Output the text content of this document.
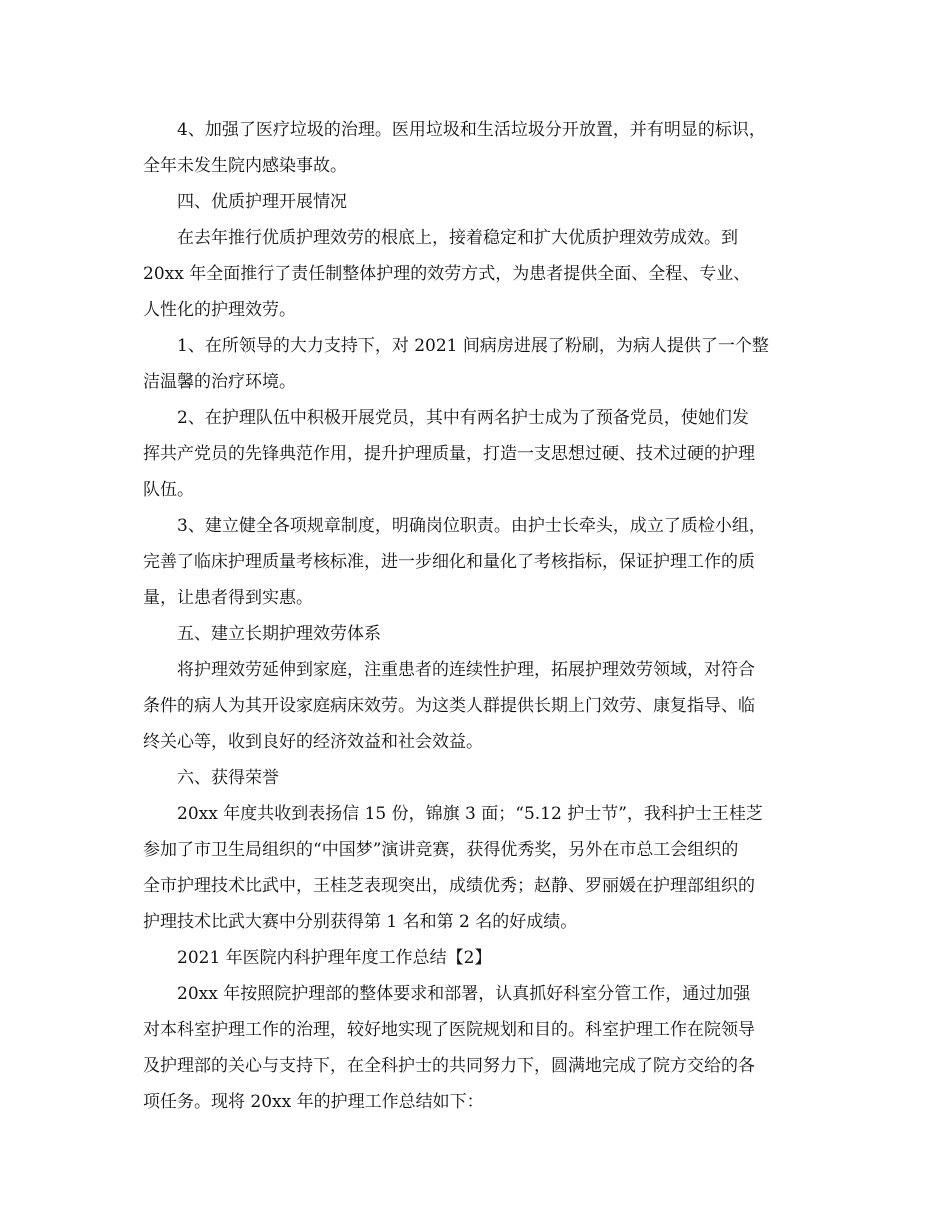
4、加强了医疗垃圾的治理。医用垃圾和生活垃圾分开放置，并有明显的标识，
全年未发生院内感染事故。
四、优质护理开展情况
在去年推行优质护理效劳的根底上，接着稳定和扩大优质护理效劳成效。到
20xx 年全面推行了责任制整体护理的效劳方式，为患者提供全面、全程、专业、
人性化的护理效劳。
1、在所领导的大力支持下，对 2021 间病房进展了粉刷，为病人提供了一个整
洁温馨的治疗环境。
2、在护理队伍中积极开展党员，其中有两名护士成为了预备党员，使她们发
挥共产党员的先锋典范作用，提升护理质量，打造一支思想过硬、技术过硬的护理
队伍。
3、建立健全各项规章制度，明确岗位职责。由护士长牵头，成立了质检小组，
完善了临床护理质量考核标准，进一步细化和量化了考核指标，保证护理工作的质
量，让患者得到实惠。
五、建立长期护理效劳体系
将护理效劳延伸到家庭，注重患者的连续性护理，拓展护理效劳领域，对符合
条件的病人为其开设家庭病床效劳。为这类人群提供长期上门效劳、康复指导、临
终关心等，收到良好的经济效益和社会效益。
六、获得荣誉
20xx 年度共收到表扬信 15 份，锦旗 3 面；“5.12 护士节”，我科护士王桂芝
参加了市卫生局组织的“中国梦”演讲竞赛，获得优秀奖，另外在市总工会组织的
全市护理技术比武中，王桂芝表现突出，成绩优秀；赵静、罗丽媛在护理部组织的
护理技术比武大赛中分别获得第 1 名和第 2 名的好成绩。
2021 年医院内科护理年度工作总结【2】
20xx 年按照院护理部的整体要求和部署，认真抓好科室分管工作，通过加强
对本科室护理工作的治理，较好地实现了医院规划和目的。科室护理工作在院领导
及护理部的关心与支持下，在全科护士的共同努力下，圆满地完成了院方交给的各
项任务。现将 20xx 年的护理工作总结如下：
